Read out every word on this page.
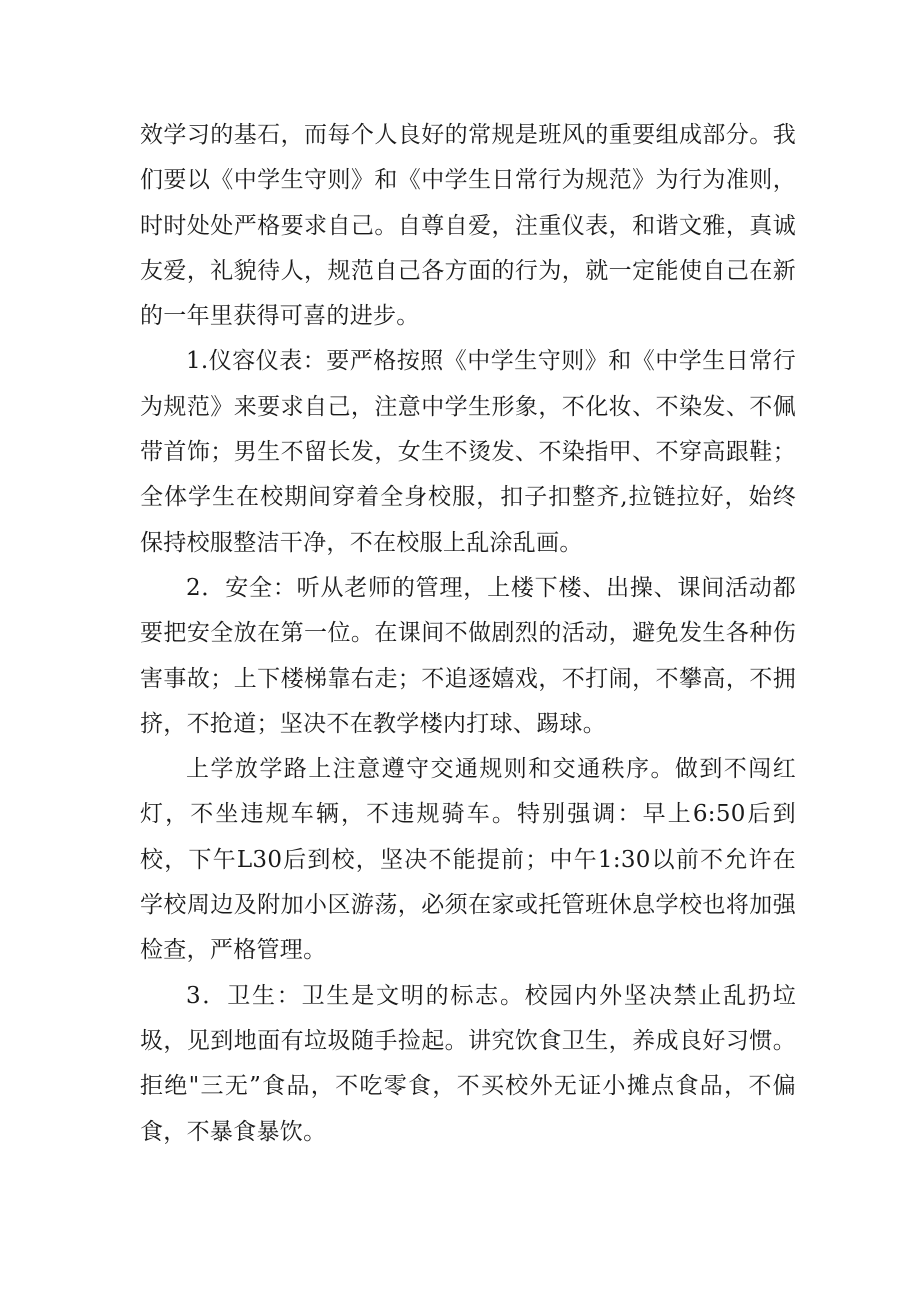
效学习的基石，而每个人良好的常规是班风的重要组成部分。我们要以《中学生守则》和《中学生日常行为规范》为行为准则，时时处处严格要求自己。自尊自爱，注重仪表，和谐文雅，真诚友爱，礼貌待人，规范自己各方面的行为，就一定能使自己在新的一年里获得可喜的进步。

1.仪容仪表：要严格按照《中学生守则》和《中学生日常行为规范》来要求自己，注意中学生形象，不化妆、不染发、不佩带首饰；男生不留长发，女生不烫发、不染指甲、不穿高跟鞋；全体学生在校期间穿着全身校服，扣子扣整齐,拉链拉好，始终保持校服整洁干净，不在校服上乱涂乱画。

2．安全：听从老师的管理，上楼下楼、出操、课间活动都要把安全放在第一位。在课间不做剧烈的活动，避免发生各种伤害事故；上下楼梯靠右走；不追逐嬉戏，不打闹，不攀高，不拥挤，不抢道；坚决不在教学楼内打球、踢球。

上学放学路上注意遵守交通规则和交通秩序。做到不闯红灯，不坐违规车辆，不违规骑车。特别强调：早上6:50后到校，下午L30后到校，坚决不能提前；中午1:30以前不允许在学校周边及附加小区游荡，必须在家或托管班休息学校也将加强检查，严格管理。

3．卫生：卫生是文明的标志。校园内外坚决禁止乱扔垃圾，见到地面有垃圾随手捡起。讲究饮食卫生，养成良好习惯。拒绝"三无”食品，不吃零食，不买校外无证小摊点食品，不偏食，不暴食暴饮。
